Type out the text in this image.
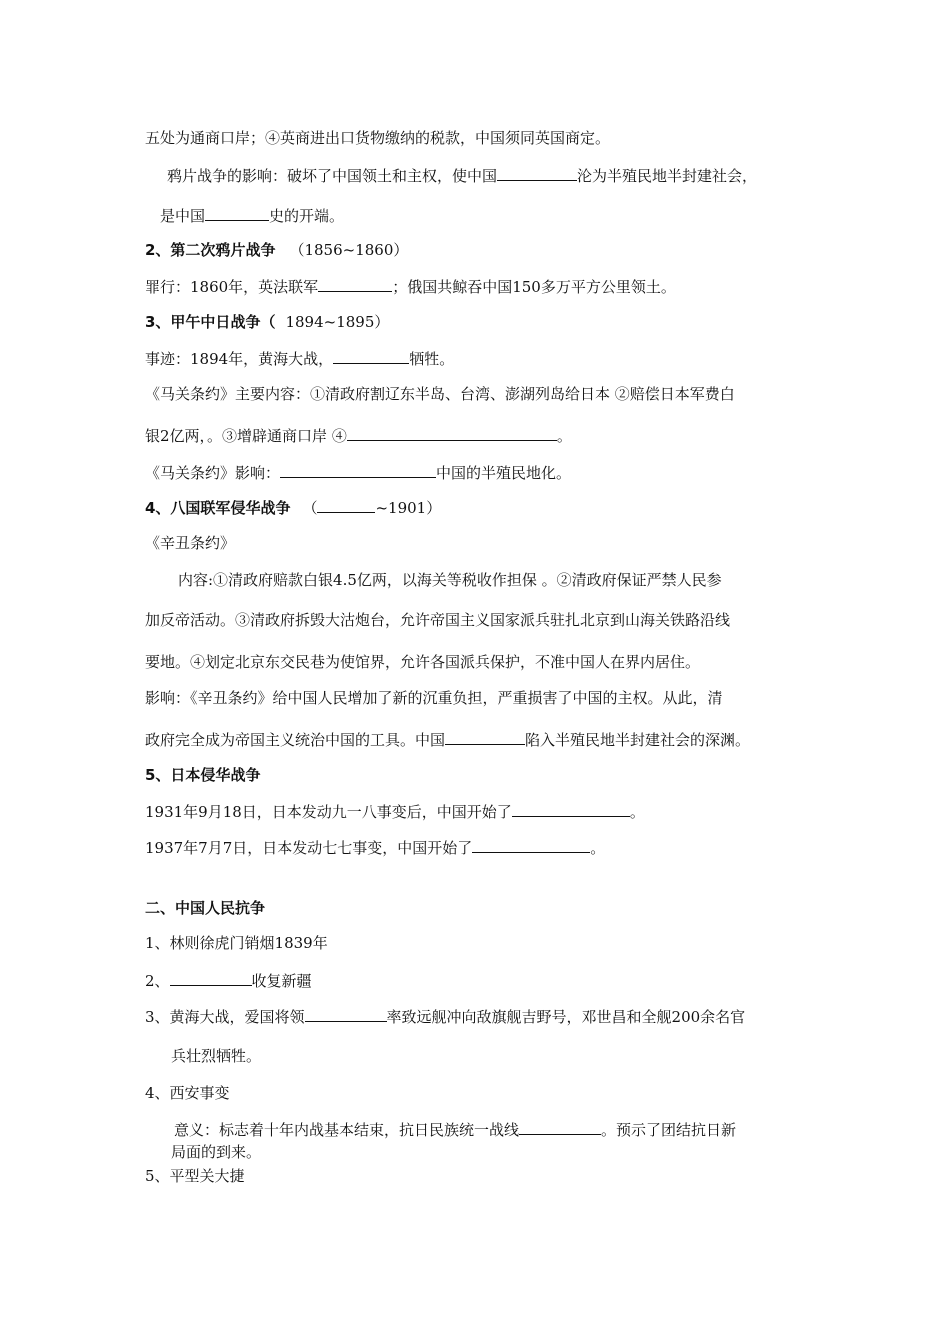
五处为通商口岸；④英商进出口货物缴纳的税款，中国须同英国商定。
鸦片战争的影响：破坏了中国领土和主权，使中国	沦为半殖民地半封建社会，
是中国	史的开端。
2、第二次鸦片战争 （1856~1860）
罪行：1860年，英法联军	；俄国共鲸吞中国150多万平方公里领土。
3、甲午中日战争（ 1894~1895）
事迹：1894年，黄海大战，	牺牲。
《马关条约》主要内容：①清政府割辽东半岛、台湾、澎湖列岛给日本 ②赔偿日本军费白
银2亿两，。③增辟通商口岸 ④	。
《马关条约》影响：	中国的半殖民地化。
4、八国联军侵华战争 （	~1901）
《辛丑条约》
内容:①清政府赔款白银4.5亿两，以海关等税收作担保 。②清政府保证严禁人民参
加反帝活动。③清政府拆毁大沽炮台，允许帝国主义国家派兵驻扎北京到山海关铁路沿线
要地。④划定北京东交民巷为使馆界，允许各国派兵保护，不准中国人在界内居住。
影响：《辛丑条约》给中国人民增加了新的沉重负担，严重损害了中国的主权。从此，清
政府完全成为帝国主义统治中国的工具。中国	陷入半殖民地半封建社会的深渊。
5、日本侵华战争
1931年9月18日，日本发动九一八事变后，中国开始了	。
1937年7月7日，日本发动七七事变，中国开始了	。
二、中国人民抗争
1、林则徐虎门销烟1839年
2、	收复新疆
3、黄海大战，爱国将领	率致远舰冲向敌旗舰吉野号，邓世昌和全舰200余名官
兵壮烈牺牲。
4、西安事变
意义：标志着十年内战基本结束，抗日民族统一战线	。预示了团结抗日新
局面的到来。
5、平型关大捷
